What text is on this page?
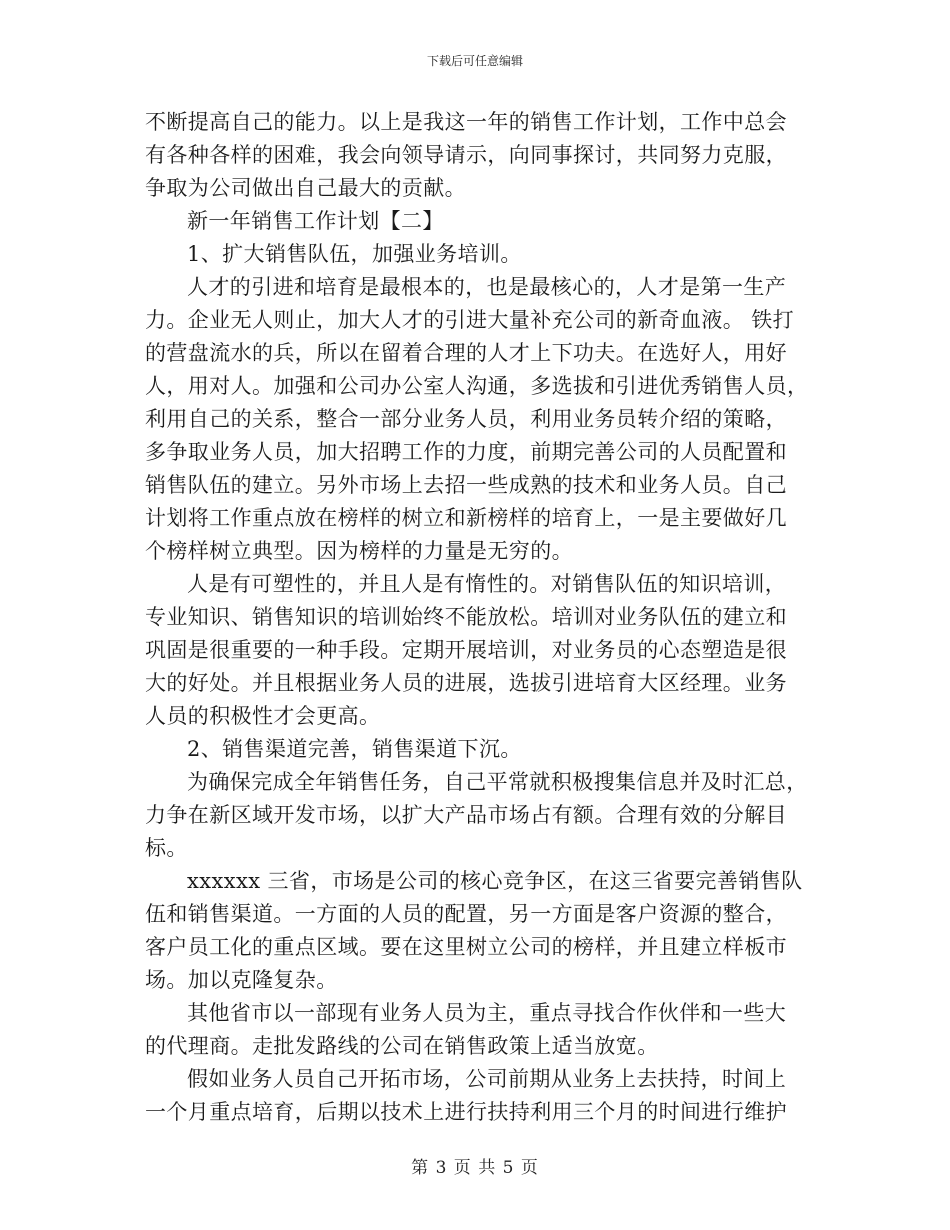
下载后可任意编辑
不断提高自己的能力。以上是我这一年的销售工作计划，工作中总会
有各种各样的困难，我会向领导请示，向同事探讨，共同努力克服，
争取为公司做出自己最大的贡献。
新一年销售工作计划【二】
1、扩大销售队伍，加强业务培训。
人才的引进和培育是最根本的，也是最核心的，人才是第一生产
力。企业无人则止，加大人才的引进大量补充公司的新奇血液。 铁打
的营盘流水的兵，所以在留着合理的人才上下功夫。在选好人，用好
人，用对人。加强和公司办公室人沟通，多选拔和引进优秀销售人员，
利用自己的关系，整合一部分业务人员，利用业务员转介绍的策略，
多争取业务人员，加大招聘工作的力度，前期完善公司的人员配置和
销售队伍的建立。另外市场上去招一些成熟的技术和业务人员。自己
计划将工作重点放在榜样的树立和新榜样的培育上，一是主要做好几
个榜样树立典型。因为榜样的力量是无穷的。
人是有可塑性的，并且人是有惰性的。对销售队伍的知识培训，
专业知识、销售知识的培训始终不能放松。培训对业务队伍的建立和
巩固是很重要的一种手段。定期开展培训，对业务员的心态塑造是很
大的好处。并且根据业务人员的进展，选拔引进培育大区经理。业务
人员的积极性才会更高。
2、销售渠道完善，销售渠道下沉。
为确保完成全年销售任务，自己平常就积极搜集信息并及时汇总，
力争在新区域开发市场，以扩大产品市场占有额。合理有效的分解目
标。
xxxxxx 三省，市场是公司的核心竞争区，在这三省要完善销售队
伍和销售渠道。一方面的人员的配置，另一方面是客户资源的整合，
客户员工化的重点区域。要在这里树立公司的榜样，并且建立样板市
场。加以克隆复杂。
其他省市以一部现有业务人员为主，重点寻找合作伙伴和一些大
的代理商。走批发路线的公司在销售政策上适当放宽。
假如业务人员自己开拓市场，公司前期从业务上去扶持，时间上
一个月重点培育，后期以技术上进行扶持利用三个月的时间进行维护
第 3 页 共 5 页
